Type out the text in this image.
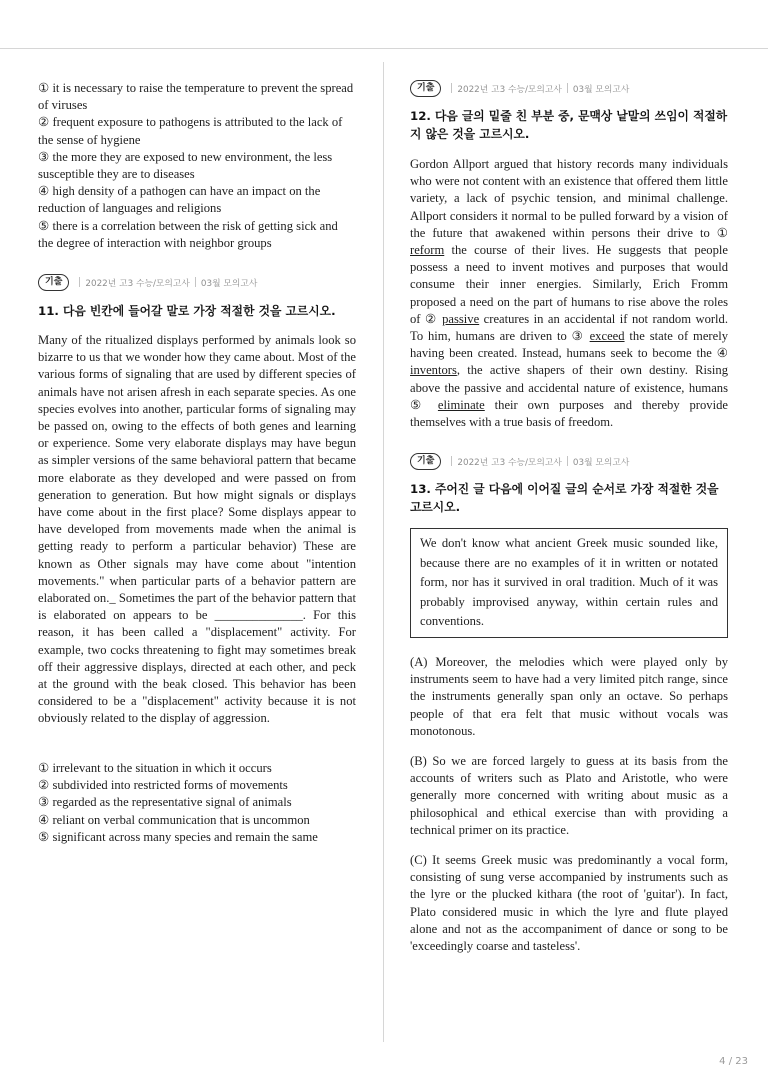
① it is necessary to raise the temperature to prevent the spread of viruses
② frequent exposure to pathogens is attributed to the lack of the sense of hygiene
③ the more they are exposed to new environment, the less susceptible they are to diseases
④ high density of a pathogen can have an impact on the reduction of languages and religions
⑤ there is a correlation between the risk of getting sick and the degree of interaction with neighbor groups
기출	2022년 고3 수능/모의고사 03월 모의고사

11. 다음 빈칸에 들어갈 말로 가장 적절한 것을 고르시오.

Many of the ritualized displays performed by animals look so bizarre to us that we wonder how they came about. Most of the various forms of signaling that are used by different species of animals have not arisen afresh in each separate species. As one species evolves into another, particular forms of signaling may be passed on, owing to the effects of both genes and learning or experience. Some very elaborate displays may have begun as simpler versions of the same behavioral pattern that became more elaborate as they developed and were passed on from generation to generation. But how might signals or displays have come about in the first place? Some displays appear to have developed from movements made when the animal is getting ready to perform a particular behavior) These are known as Other signals may have come about "intention movements." when particular parts of a behavior pattern are elaborated on._ Sometimes the part of the behavior pattern that is elaborated on appears to be ______________. For this reason, it has been called a "displacement" activity. For example, two cocks threatening to fight may sometimes break off their aggressive displays, directed at each other, and peck at the ground with the beak closed. This behavior has been considered to be a "displacement" activity because it is not obviously related to the display of aggression.

① irrelevant to the situation in which it occurs
② subdivided into restricted forms of movements
③ regarded as the representative signal of animals
④ reliant on verbal communication that is uncommon
⑤ significant across many species and remain the same
기출	2022년 고3 수능/모의고사 03월 모의고사

12. 다음 글의 밑줄 친 부분 중, 문맥상 낱말의 쓰임이 적절하지 않은 것을 고르시오.

Gordon Allport argued that history records many individuals who were not content with an existence that offered them little variety, a lack of psychic tension, and minimal challenge. Allport considers it normal to be pulled forward by a vision of the future that awakened within persons their drive to ① reform the course of their lives. He suggests that people possess a need to invent motives and purposes that would consume their inner energies. Similarly, Erich Fromm proposed a need on the part of humans to rise above the roles of ② passive creatures in an accidental if not random world. To him, humans are driven to ③ exceed the state of merely having been created. Instead, humans seek to become the ④ inventors, the active shapers of their own destiny. Rising above the passive and accidental nature of existence, humans ⑤ eliminate their own purposes and thereby provide themselves with a true basis of freedom.

기출	2022년 고3 수능/모의고사 03월 모의고사

13. 주어진 글 다음에 이어질 글의 순서로 가장 적절한 것을 고르시오.

We don't know what ancient Greek music sounded like, because there are no examples of it in written or notated form, nor has it survived in oral tradition. Much of it was probably improvised anyway, within certain rules and conventions.

(A) Moreover, the melodies which were played only by instruments seem to have had a very limited pitch range, since the instruments generally span only an octave. So perhaps people of that era felt that music without vocals was monotonous.

(B) So we are forced largely to guess at its basis from the accounts of writers such as Plato and Aristotle, who were generally more concerned with writing about music as a philosophical and ethical exercise than with providing a technical primer on its practice.

(C) It seems Greek music was predominantly a vocal form, consisting of sung verse accompanied by instruments such as the lyre or the plucked kithara (the root of 'guitar'). In fact, Plato considered music in which the lyre and flute played alone and not as the accompaniment of dance or song to be 'exceedingly coarse and tasteless'.

4 / 23
